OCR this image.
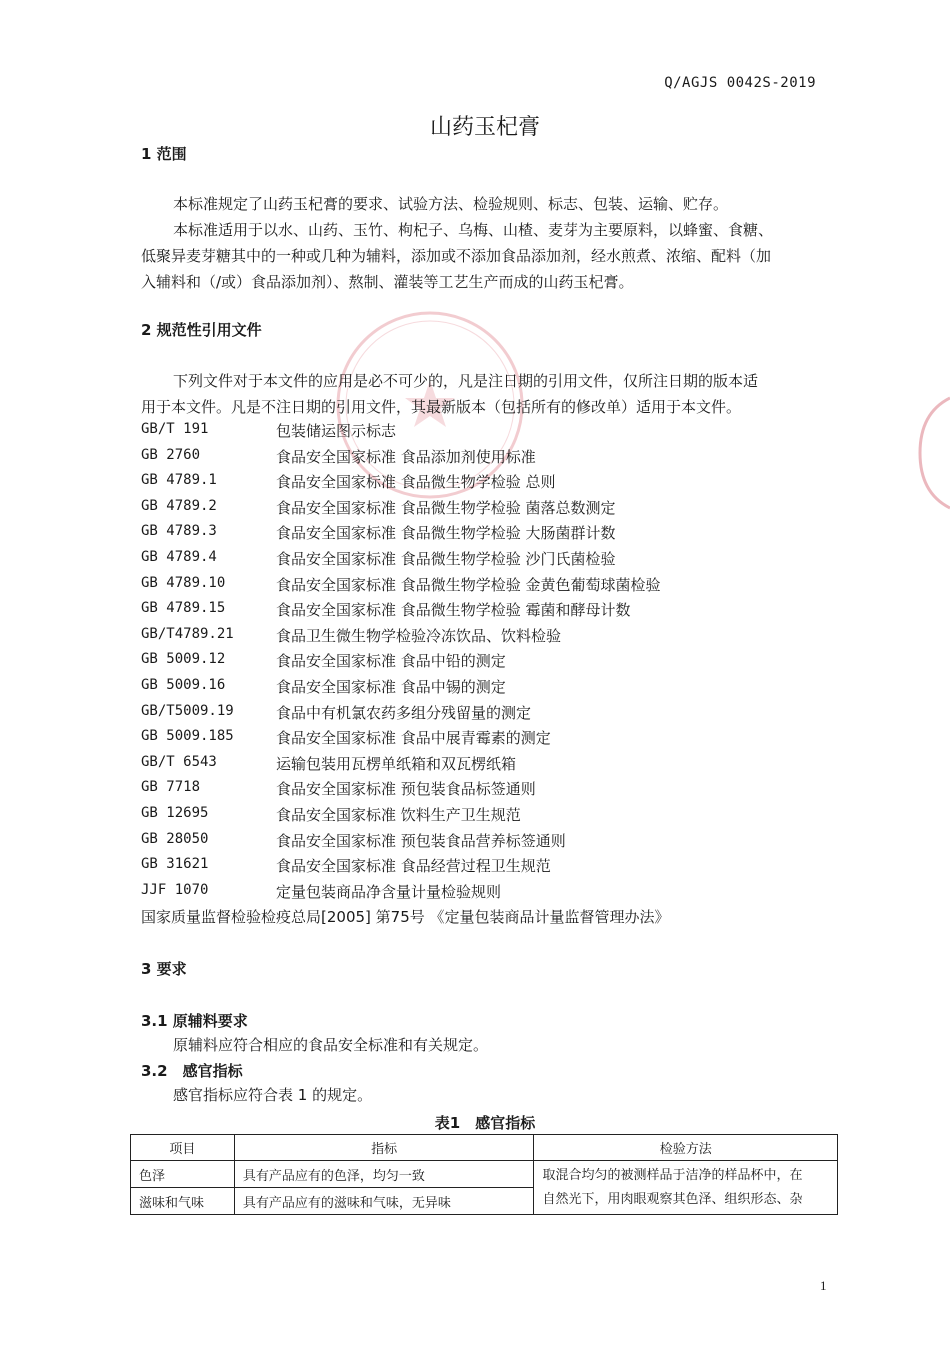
Q/AGJS 0042S-2019
山药玉杞膏
1 范围

本标准规定了山药玉杞膏的要求、试验方法、检验规则、标志、包装、运输、贮存。

本标准适用于以水、山药、玉竹、枸杞子、乌梅、山楂、麦芽为主要原料，以蜂蜜、食糖、

低聚异麦芽糖其中的一种或几种为辅料，添加或不添加食品添加剂，经水煎煮、浓缩、配料（加

入辅料和（/或）食品添加剂）、熬制、灌装等工艺生产而成的山药玉杞膏。

2 规范性引用文件

下列文件对于本文件的应用是必不可少的，凡是注日期的引用文件，仅所注日期的版本适

用于本文件。凡是不注日期的引用文件，其最新版本（包括所有的修改单）适用于本文件。

GB/T 191	包装储运图示标志
GB 2760	食品安全国家标准 食品添加剂使用标准
GB 4789.1	食品安全国家标准 食品微生物学检验 总则
GB 4789.2	食品安全国家标准 食品微生物学检验 菌落总数测定
GB 4789.3	食品安全国家标准 食品微生物学检验 大肠菌群计数
GB 4789.4	食品安全国家标准 食品微生物学检验 沙门氏菌检验
GB 4789.10	食品安全国家标准 食品微生物学检验 金黄色葡萄球菌检验
GB 4789.15	食品安全国家标准 食品微生物学检验 霉菌和酵母计数
GB/T4789.21	食品卫生微生物学检验冷冻饮品、饮料检验
GB 5009.12	食品安全国家标准 食品中铅的测定
GB 5009.16	食品安全国家标准 食品中锡的测定
GB/T5009.19	食品中有机氯农药多组分残留量的测定
GB 5009.185	食品安全国家标准 食品中展青霉素的测定
GB/T 6543	运输包装用瓦楞单纸箱和双瓦楞纸箱
GB 7718	食品安全国家标准 预包装食品标签通则
GB 12695	食品安全国家标准 饮料生产卫生规范
GB 28050	食品安全国家标准 预包装食品营养标签通则
GB 31621	食品安全国家标准 食品经营过程卫生规范
JJF 1070	定量包装商品净含量计量检验规则
国家质量监督检验检疫总局[2005] 第75号 《定量包装商品计量监督管理办法》
3 要求
3.1 原辅料要求
原辅料应符合相应的食品安全标准和有关规定。
3.2　感官指标
感官指标应符合表 1 的规定。
表1　感官指标
项目	指标	检验方法
色泽	具有产品应有的色泽，均匀一致	取混合均匀的被测样品于洁净的样品杯中，在
自然光下，用肉眼观察其色泽、组织形态、杂

滋味和气味	具有产品应有的滋味和气味，无异味	
1
